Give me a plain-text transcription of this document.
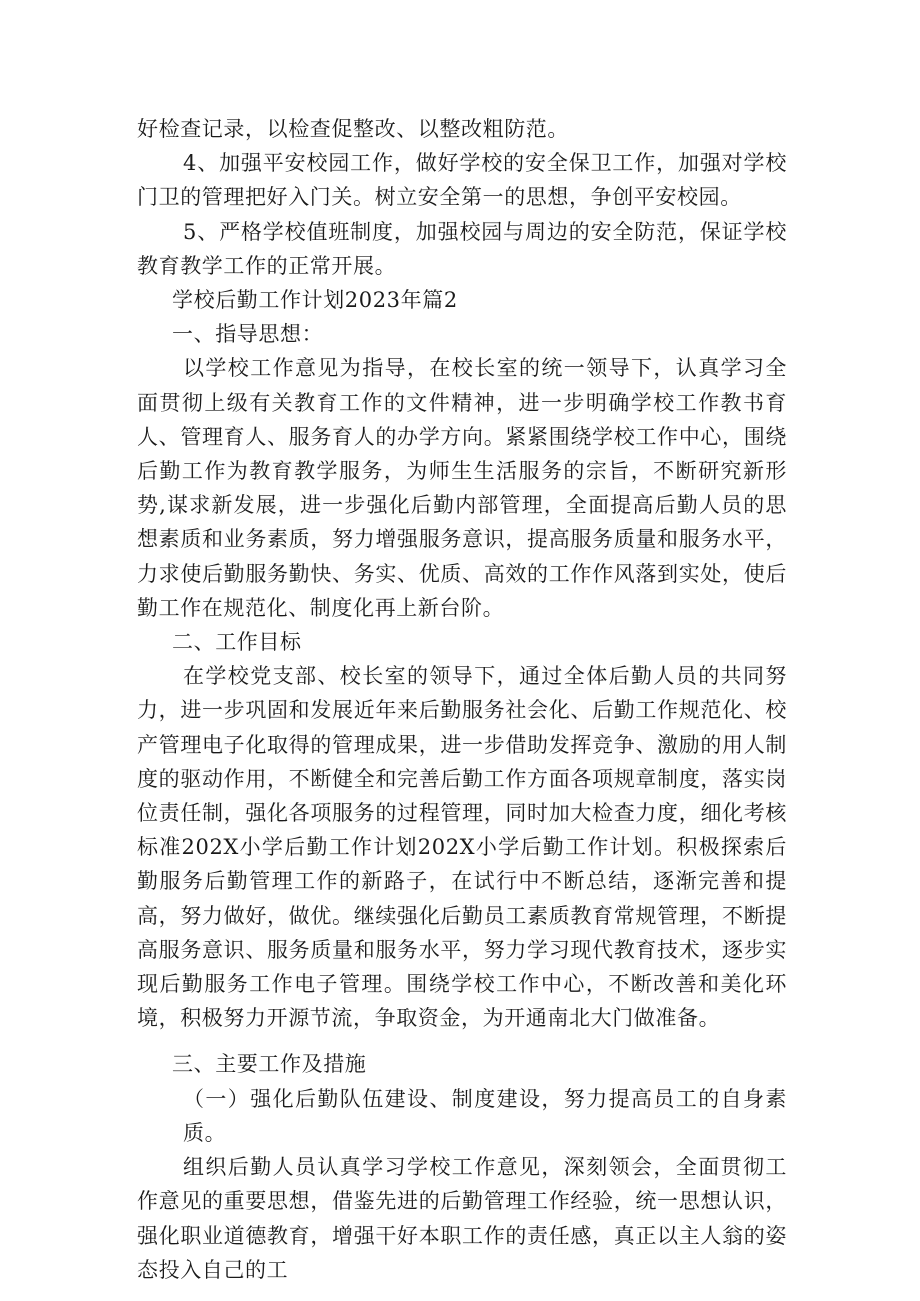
好检查记录，以检查促整改、以整改粗防范。

4、加强平安校园工作，做好学校的安全保卫工作，加强对学校门卫的管理把好入门关。树立安全第一的思想，争创平安校园。

5、严格学校值班制度，加强校园与周边的安全防范，保证学校教育教学工作的正常开展。

学校后勤工作计划2023年篇2

一、指导思想：

以学校工作意见为指导，在校长室的统一领导下，认真学习全面贯彻上级有关教育工作的文件精神，进一步明确学校工作教书育人、管理育人、服务育人的办学方向。紧紧围绕学校工作中心，围绕后勤工作为教育教学服务，为师生生活服务的宗旨，不断研究新形势,谋求新发展，进一步强化后勤内部管理，全面提高后勤人员的思想素质和业务素质，努力增强服务意识，提高服务质量和服务水平，力求使后勤服务勤快、务实、优质、高效的工作作风落到实处，使后勤工作在规范化、制度化再上新台阶。

二、工作目标

在学校党支部、校长室的领导下，通过全体后勤人员的共同努力，进一步巩固和发展近年来后勤服务社会化、后勤工作规范化、校产管理电子化取得的管理成果，进一步借助发挥竞争、激励的用人制度的驱动作用，不断健全和完善后勤工作方面各项规章制度，落实岗位责任制，强化各项服务的过程管理，同时加大检查力度，细化考核标准202X小学后勤工作计划202X小学后勤工作计划。积极探索后勤服务后勤管理工作的新路子，在试行中不断总结，逐渐完善和提高，努力做好，做优。继续强化后勤员工素质教育常规管理，不断提高服务意识、服务质量和服务水平，努力学习现代教育技术，逐步实现后勤服务工作电子管理。围绕学校工作中心，不断改善和美化环境，积极努力开源节流，争取资金，为开通南北大门做准备。

三、主要工作及措施

（一）强化后勤队伍建设、制度建设，努力提高员工的自身素质。

组织后勤人员认真学习学校工作意见，深刻领会，全面贯彻工作意见的重要思想，借鉴先进的后勤管理工作经验，统一思想认识，强化职业道德教育，增强干好本职工作的责任感，真正以主人翁的姿态投入自己的工
